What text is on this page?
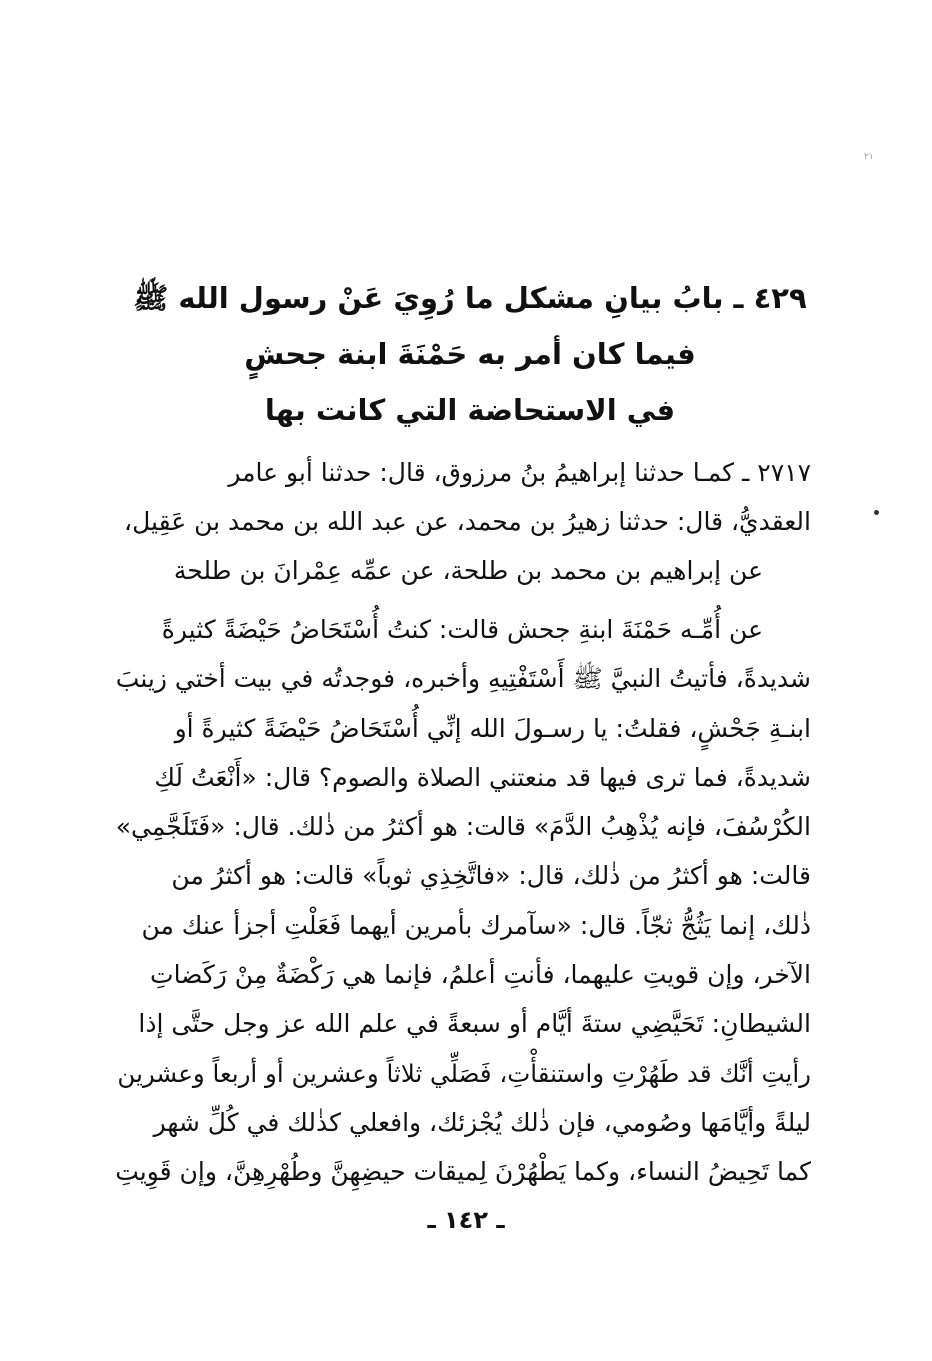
٢١
٤٢٩ ـ بابُ بيانِ مشكل ما رُوِيَ عَنْ رسول الله ﷺ
فيما كان أمر به حَمْنَةَ ابنة جحشٍ
في الاستحاضة التي كانت بها
٢٧١٧ ـ كمـا حدثنا إبراهيمُ بنُ مرزوق، قال: حدثنا أبو عامر
العقديُّ، قال: حدثنا زهيرُ بن محمد، عن عبد الله بن محمد بن عَقِيل،
عن إبراهيم بن محمد بن طلحة، عن عمِّه عِمْرانَ بن طلحة
عن أُمِّـه حَمْنَةَ ابنةِ جحش قالت: كنتُ أُسْتَحَاضُ حَيْضَةً كثيرةً
شديدةً، فأتيتُ النبيَّ ﷺ أَسْتَفْتِيهِ وأخبره، فوجدتُه في بيت أختي زينبَ
ابنـةِ جَحْشٍ، فقلتُ: يا رسـولَ الله إنِّي أُسْتَحَاضُ حَيْضَةً كثيرةً أو
شديدةً، فما ترى فيها قد منعتني الصلاة والصوم؟ قال: «أَنْعَتُ لَكِ
الكُرْسُفَ، فإنه يُذْهِبُ الدَّمَ» قالت: هو أكثرُ من ذٰلك. قال: «فَتَلَجَّمِي»
قالت: هو أكثرُ من ذٰلك، قال: «فاتَّخِذِي ثوباً» قالت: هو أكثرُ من
ذٰلك، إنما يَثُجُّ ثجّاً. قال: «سآمرك بأمرين أيهما فَعَلْتِ أجزأ عنك من
الآخر، وإن قويتِ عليهما، فأنتِ أعلمُ، فإنما هي رَكْضَةٌ مِنْ رَكَضاتِ
الشيطانِ: تَحَيَّضِي ستةَ أيَّام أو سبعةً في علم الله عز وجل حتَّى إذا
رأيتِ أنَّك قد طَهُرْتِ واستنقأْتِ، فَصَلِّي ثلاثاً وعشرين أو أربعاً وعشرين
ليلةً وأيَّامَها وصُومي، فإن ذٰلك يُجْزئك، وافعلي كذٰلك في كُلِّ شهر
كما تَحِيضُ النساء، وكما يَطْهُرْنَ لِميقات حيضِهِنَّ وطُهْرِهِنَّ، وإن قَوِيتِ
ـ ١٤٢ ـ
